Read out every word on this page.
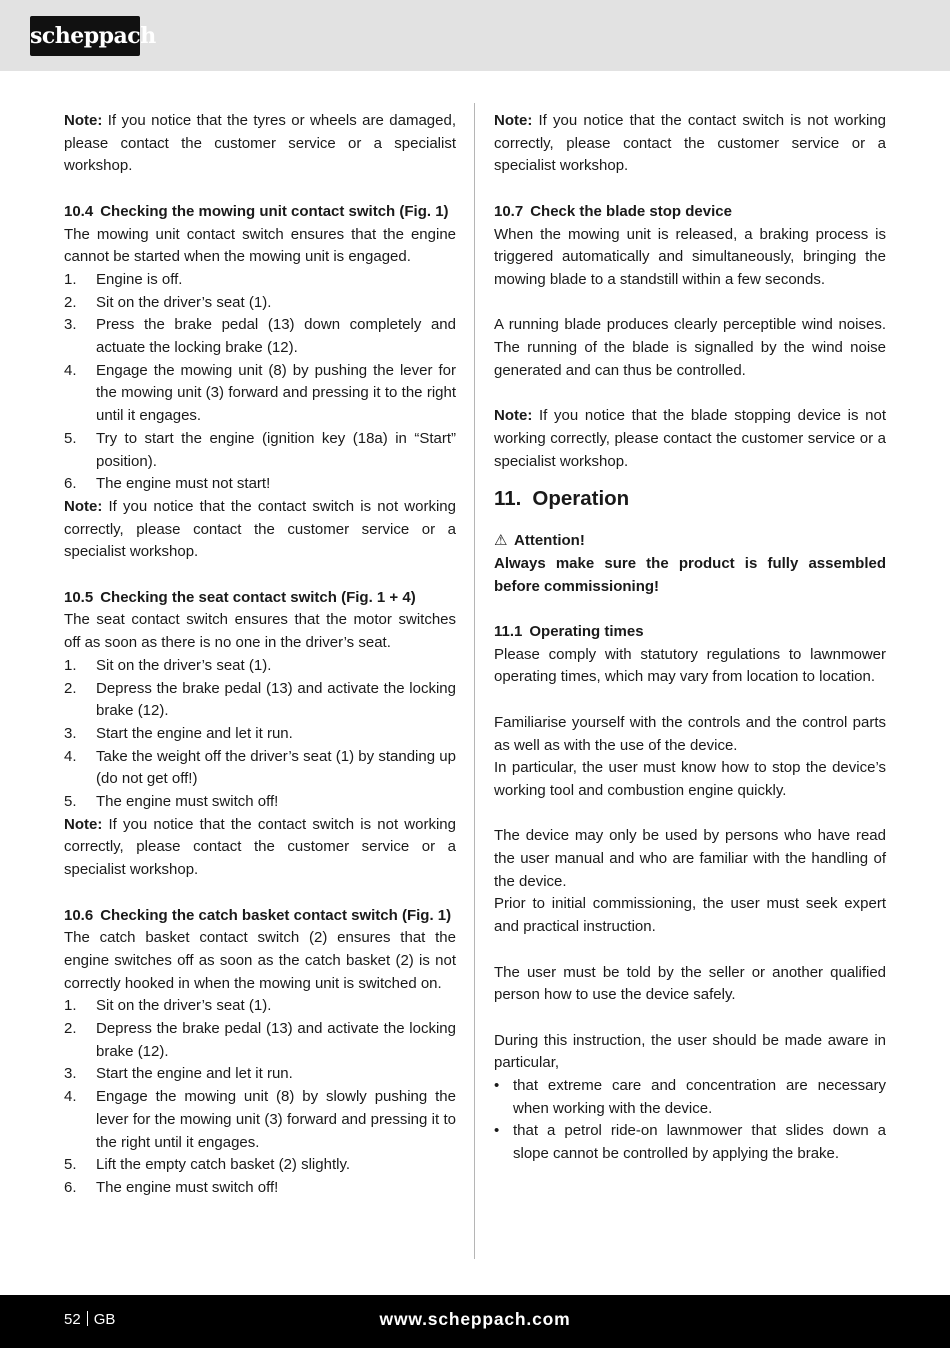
scheppach

Note: If you notice that the tyres or wheels are damaged, please contact the customer service or a specialist workshop.

10.4 Checking the mowing unit contact switch (Fig. 1)

The mowing unit contact switch ensures that the engine cannot be started when the mowing unit is engaged.

1.	Engine is off.
2.	Sit on the driver’s seat (1).
3.	Press the brake pedal (13) down completely and actuate the locking brake (12).
4.	Engage the mowing unit (8) by pushing the lever for the mowing unit (3) forward and pressing it to the right until it engages.
5.	Try to start the engine (ignition key (18a) in “Start” position).
6.	The engine must not start!

Note: If you notice that the contact switch is not working correctly, please contact the customer service or a specialist workshop.

10.5 Checking the seat contact switch (Fig. 1 + 4)

The seat contact switch ensures that the motor switches off as soon as there is no one in the driver’s seat.

1.	Sit on the driver’s seat (1).
2.	Depress the brake pedal (13) and activate the locking brake (12).
3.	Start the engine and let it run.
4.	Take the weight off the driver’s seat (1) by standing up (do not get off!)
5.	The engine must switch off!

Note: If you notice that the contact switch is not working correctly, please contact the customer service or a specialist workshop.

10.6 Checking the catch basket contact switch (Fig. 1)

The catch basket contact switch (2) ensures that the engine switches off as soon as the catch basket (2) is not correctly hooked in when the mowing unit is switched on.

1.	Sit on the driver’s seat (1).
2.	Depress the brake pedal (13) and activate the locking brake (12).
3.	Start the engine and let it run.
4.	Engage the mowing unit (8) by slowly pushing the lever for the mowing unit (3) forward and pressing it to the right until it engages.
5.	Lift the empty catch basket (2) slightly.
6.	The engine must switch off!

Note: If you notice that the contact switch is not working correctly, please contact the customer service or a specialist workshop.

10.7 Check the blade stop device

When the mowing unit is released, a braking process is triggered automatically and simultaneously, bringing the mowing blade to a standstill within a few seconds.

A running blade produces clearly perceptible wind noises. The running of the blade is signalled by the wind noise generated and can thus be controlled.

Note: If you notice that the blade stopping device is not working correctly, please contact the customer service or a specialist workshop.

11. Operation

⚠ Attention!

Always make sure the product is fully assembled before commissioning!

11.1 Operating times

Please comply with statutory regulations to lawnmower operating times, which may vary from location to location.

Familiarise yourself with the controls and the control parts as well as with the use of the device.

In particular, the user must know how to stop the device’s working tool and combustion engine quickly.

The device may only be used by persons who have read the user manual and who are familiar with the handling of the device.

Prior to initial commissioning, the user must seek expert and practical instruction.

The user must be told by the seller or another qualified person how to use the device safely.

During this instruction, the user should be made aware in particular,

• that extreme care and concentration are necessary when working with the device.
• that a petrol ride-on lawnmower that slides down a slope cannot be controlled by applying the brake.
52 GB	www.scheppach.com
